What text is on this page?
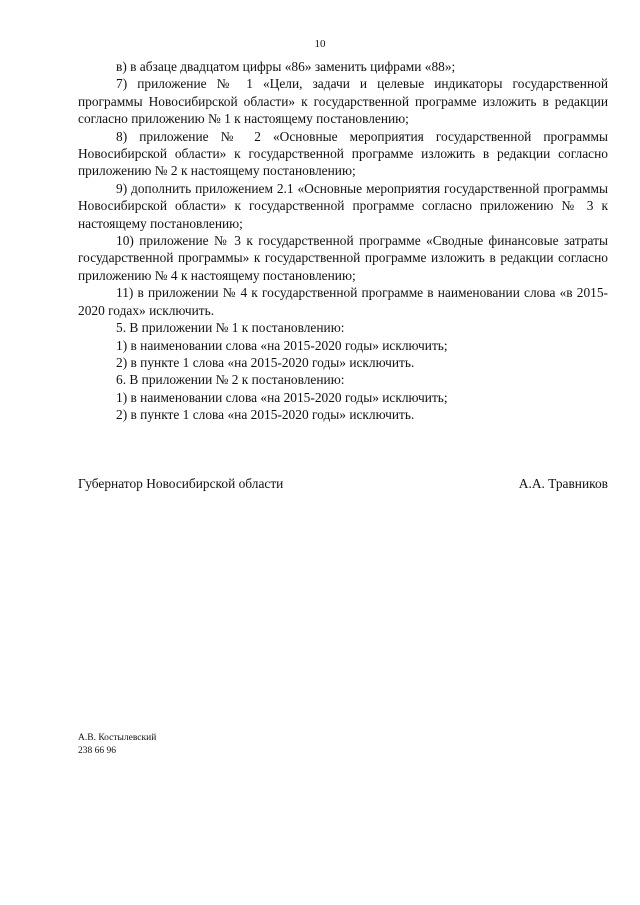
10

в) в абзаце двадцатом цифры «86» заменить цифрами «88»;

7) приложение № 1 «Цели, задачи и целевые индикаторы государственной программы Новосибирской области» к государственной программе изложить в редакции согласно приложению № 1 к настоящему постановлению;

8) приложение № 2 «Основные мероприятия государственной программы Новосибирской области» к государственной программе изложить в редакции согласно приложению № 2 к настоящему постановлению;

9) дополнить приложением 2.1 «Основные мероприятия государственной программы Новосибирской области» к государственной программе согласно приложению № 3 к настоящему постановлению;

10) приложение № 3 к государственной программе «Сводные финансовые затраты государственной программы» к государственной программе изложить в редакции согласно приложению № 4 к настоящему постановлению;

11) в приложении № 4 к государственной программе в наименовании слова «в 2015-2020 годах» исключить.

5. В приложении № 1 к постановлению:

1) в наименовании слова «на 2015-2020 годы» исключить;

2) в пункте 1 слова «на 2015-2020 годы» исключить.

6. В приложении № 2 к постановлению:

1) в наименовании слова «на 2015-2020 годы» исключить;

2) в пункте 1 слова «на 2015-2020 годы» исключить.

Губернатор Новосибирской области	А.А. Травников
А.В. Костылевский
238 66 96
